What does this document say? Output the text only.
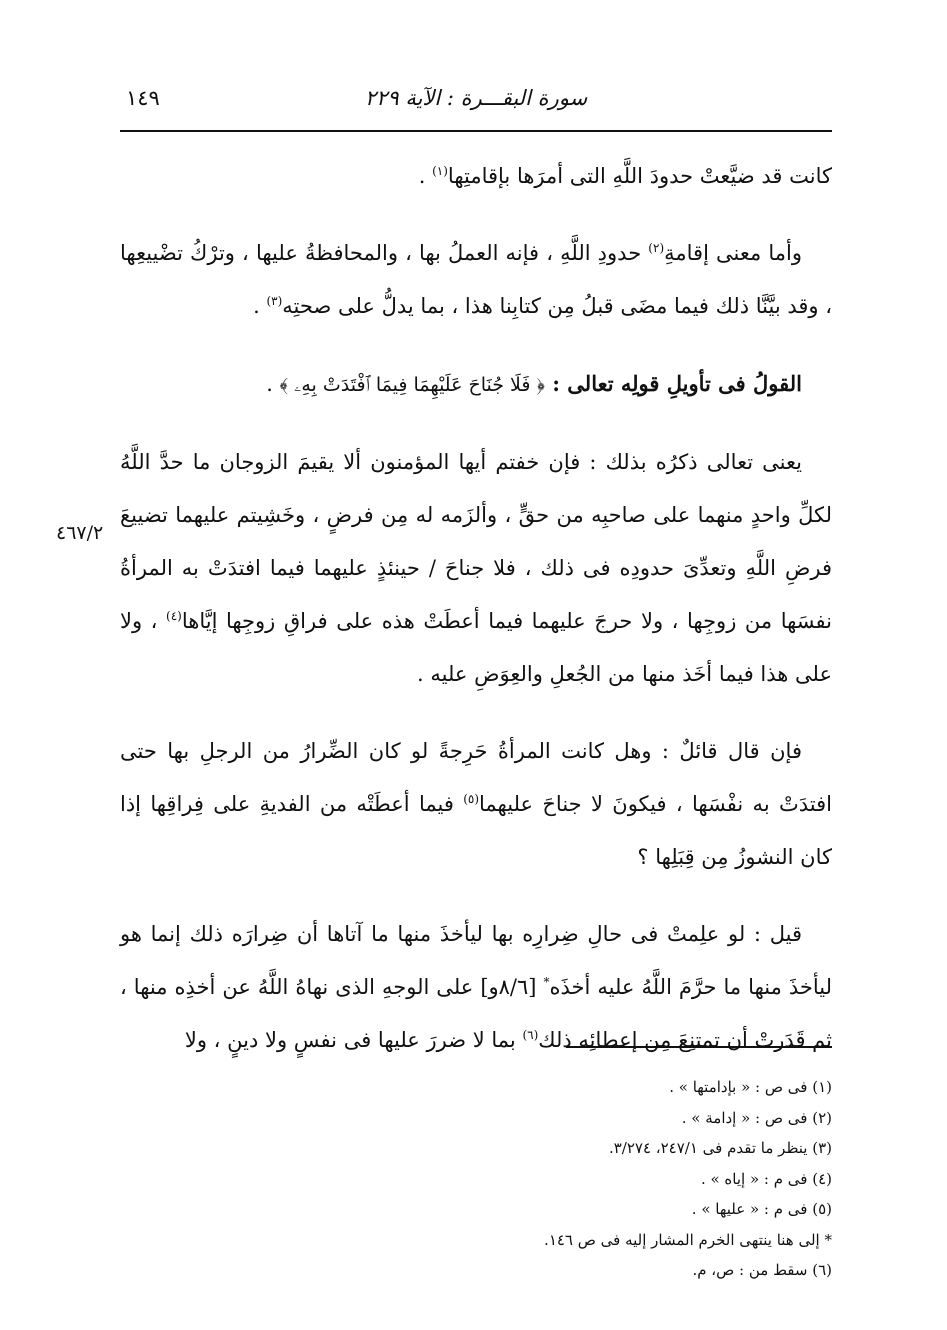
سورة البقـــرة : الآية ٢٢٩
١٤٩
٤٦٧/٢

كانت قد ضيَّعتْ حدودَ اللَّهِ التى أمرَها بإقامتِها$^{(١)}$ .

وأما معنى إقامةِ$^{(٢)}$ حدودِ اللَّهِ ، فإنه العملُ بها ، والمحافظةُ عليها ، وترْكُ تضْييعِها ، وقد بيَّنَّا ذلك فيما مضَى قبلُ مِن كتابِنا هذا ، بما يدلُّ على صحتِه$^{(٣)}$ .

القولُ فى تأويلِ قولِه تعالى : ﴿ فَلَا جُنَاحَ عَلَيْهِمَا فِيمَا ٱفْتَدَتْ بِهِۦ ﴾ .

يعنى تعالى ذكرُه بذلك : فإن خفتم أيها المؤمنون ألا يقيمَ الزوجان ما حدَّ اللَّهُ لكلِّ واحدٍ منهما على صاحبِه من حقٍّ ، وألزَمه له مِن فرضٍ ، وخَشِيتم عليهما تضييعَ فرضِ اللَّهِ وتعدِّىَ حدودِه فى ذلك ، فلا جناحَ / حينئذٍ عليهما فيما افتدَتْ به المرأةُ نفسَها من زوجِها ، ولا حرجَ عليهما فيما أعطَتْ هذه على فراقِ زوجِها إيَّاها$^{(٤)}$ ، ولا على هذا فيما أخَذ منها من الجُعلِ والعِوَضِ عليه .

فإن قال قائلٌ : وهل كانت المرأةُ حَرِجةً لو كان الضِّرارُ من الرجلِ بها حتى افتدَتْ به نفْسَها ، فيكونَ لا جناحَ عليهما$^{(٥)}$ فيما أعطَتْه من الفديةِ على فِراقِها إذا كان النشوزُ مِن قِبَلِها ؟

قيل : لو علِمتْ فى حالِ ضِرارِه بها ليأخذَ منها ما آتاها أن ضِرارَه ذلك إنما هو ليأخذَ منها ما حرَّمَ اللَّهُ عليه أخذَه* [٨/٦و] على الوجهِ الذى نهاهُ اللَّهُ عن أخذِه منها ، ثم قَدَرتْ أن تمتنِعَ مِن إعطائِه ذلك$^{(٦)}$ بما لا ضررَ عليها فى نفسٍ ولا دينٍ ، ولا

(١) فى ص : « بإدامتها » .
(٢) فى ص : « إدامة » .
(٣) ينظر ما تقدم فى ٢٤٧/١، ٣/٢٧٤.
(٤) فى م : « إياه » .
(٥) فى م : « عليها » .
* إلى هنا ينتهى الخرم المشار إليه فى ص ١٤٦.
(٦) سقط من : ص، م.
